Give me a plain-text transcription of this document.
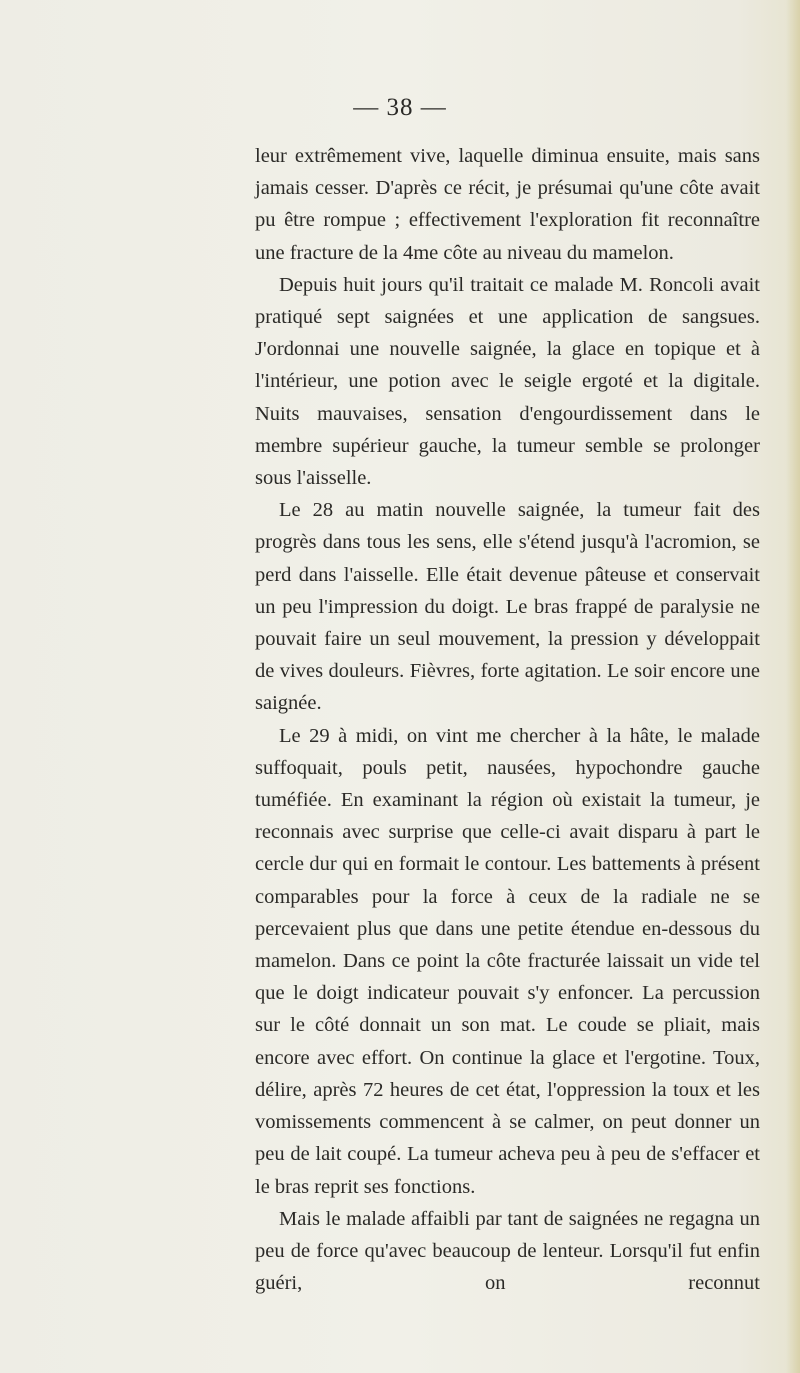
— 38 —

leur extrêmement vive, laquelle diminua ensuite, mais sans jamais cesser. D'après ce récit, je présumai qu'une côte avait pu être rompue ; effectivement l'exploration fit reconnaître une fracture de la 4me côte au niveau du mamelon.

Depuis huit jours qu'il traitait ce malade M. Roncoli avait pratiqué sept saignées et une application de sangsues. J'ordonnai une nouvelle saignée, la glace en topique et à l'intérieur, une potion avec le seigle ergoté et la digitale. Nuits mauvaises, sensation d'engourdissement dans le membre supérieur gauche, la tumeur semble se prolonger sous l'aisselle.

Le 28 au matin nouvelle saignée, la tumeur fait des progrès dans tous les sens, elle s'étend jusqu'à l'acromion, se perd dans l'aisselle. Elle était devenue pâteuse et conservait un peu l'impression du doigt. Le bras frappé de paralysie ne pouvait faire un seul mouvement, la pression y développait de vives douleurs. Fièvres, forte agitation. Le soir encore une saignée.

Le 29 à midi, on vint me chercher à la hâte, le malade suffoquait, pouls petit, nausées, hypochondre gauche tuméfiée. En examinant la région où existait la tumeur, je reconnais avec surprise que celle-ci avait disparu à part le cercle dur qui en formait le contour. Les battements à présent comparables pour la force à ceux de la radiale ne se percevaient plus que dans une petite étendue en-dessous du mamelon. Dans ce point la côte fracturée laissait un vide tel que le doigt indicateur pouvait s'y enfoncer. La percussion sur le côté donnait un son mat. Le coude se pliait, mais encore avec effort. On continue la glace et l'ergotine. Toux, délire, après 72 heures de cet état, l'oppression la toux et les vomissements commencent à se calmer, on peut donner un peu de lait coupé. La tumeur acheva peu à peu de s'effacer et le bras reprit ses fonctions.

Mais le malade affaibli par tant de saignées ne regagna un peu de force qu'avec beaucoup de lenteur. Lorsqu'il fut enfin guéri, on reconnut
